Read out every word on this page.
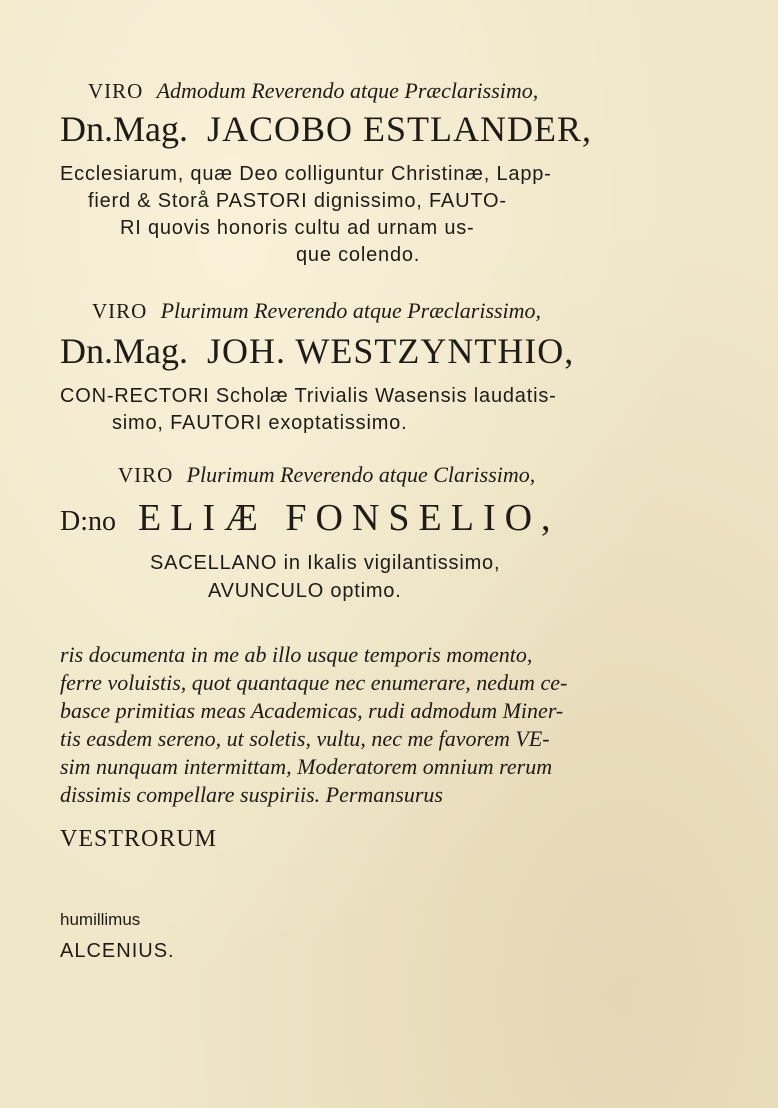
VIRO Admodum Reverendo atque Præclarissimo,
Dn.Mag. JACOBO ESTLANDER,
Ecclesiarum, quæ Deo colliguntur Christinæ, Lapp-
fierd & Storå PASTORI dignissimo, FAUTO-
RI quovis honoris cultu ad urnam us-
que colendo.
VIRO Plurimum Reverendo atque Præclarissimo,
Dn.Mag. JOH. WESTZYNTHIO,
CON-RECTORI Scholæ Trivialis Wasensis laudatis-
simo, FAUTORI exoptatissimo.
VIRO Plurimum Reverendo atque Clarissimo,
D:no ELIÆ FONSELIO,
SACELLANO in Ikalis vigilantissimo,
AVUNCULO optimo.
ris documenta in me ab illo usque temporis momento,
ferre voluistis, quot quantaque nec enumerare, nedum ce-
basce primitias meas Academicas, rudi admodum Miner-
tis easdem sereno, ut soletis, vultu, nec me favorem VE-
sim nunquam intermittam, Moderatorem omnium rerum
dissimis compellare suspiriis. Permansurus
VESTRORUM
humillimus
ALCENIUS.
